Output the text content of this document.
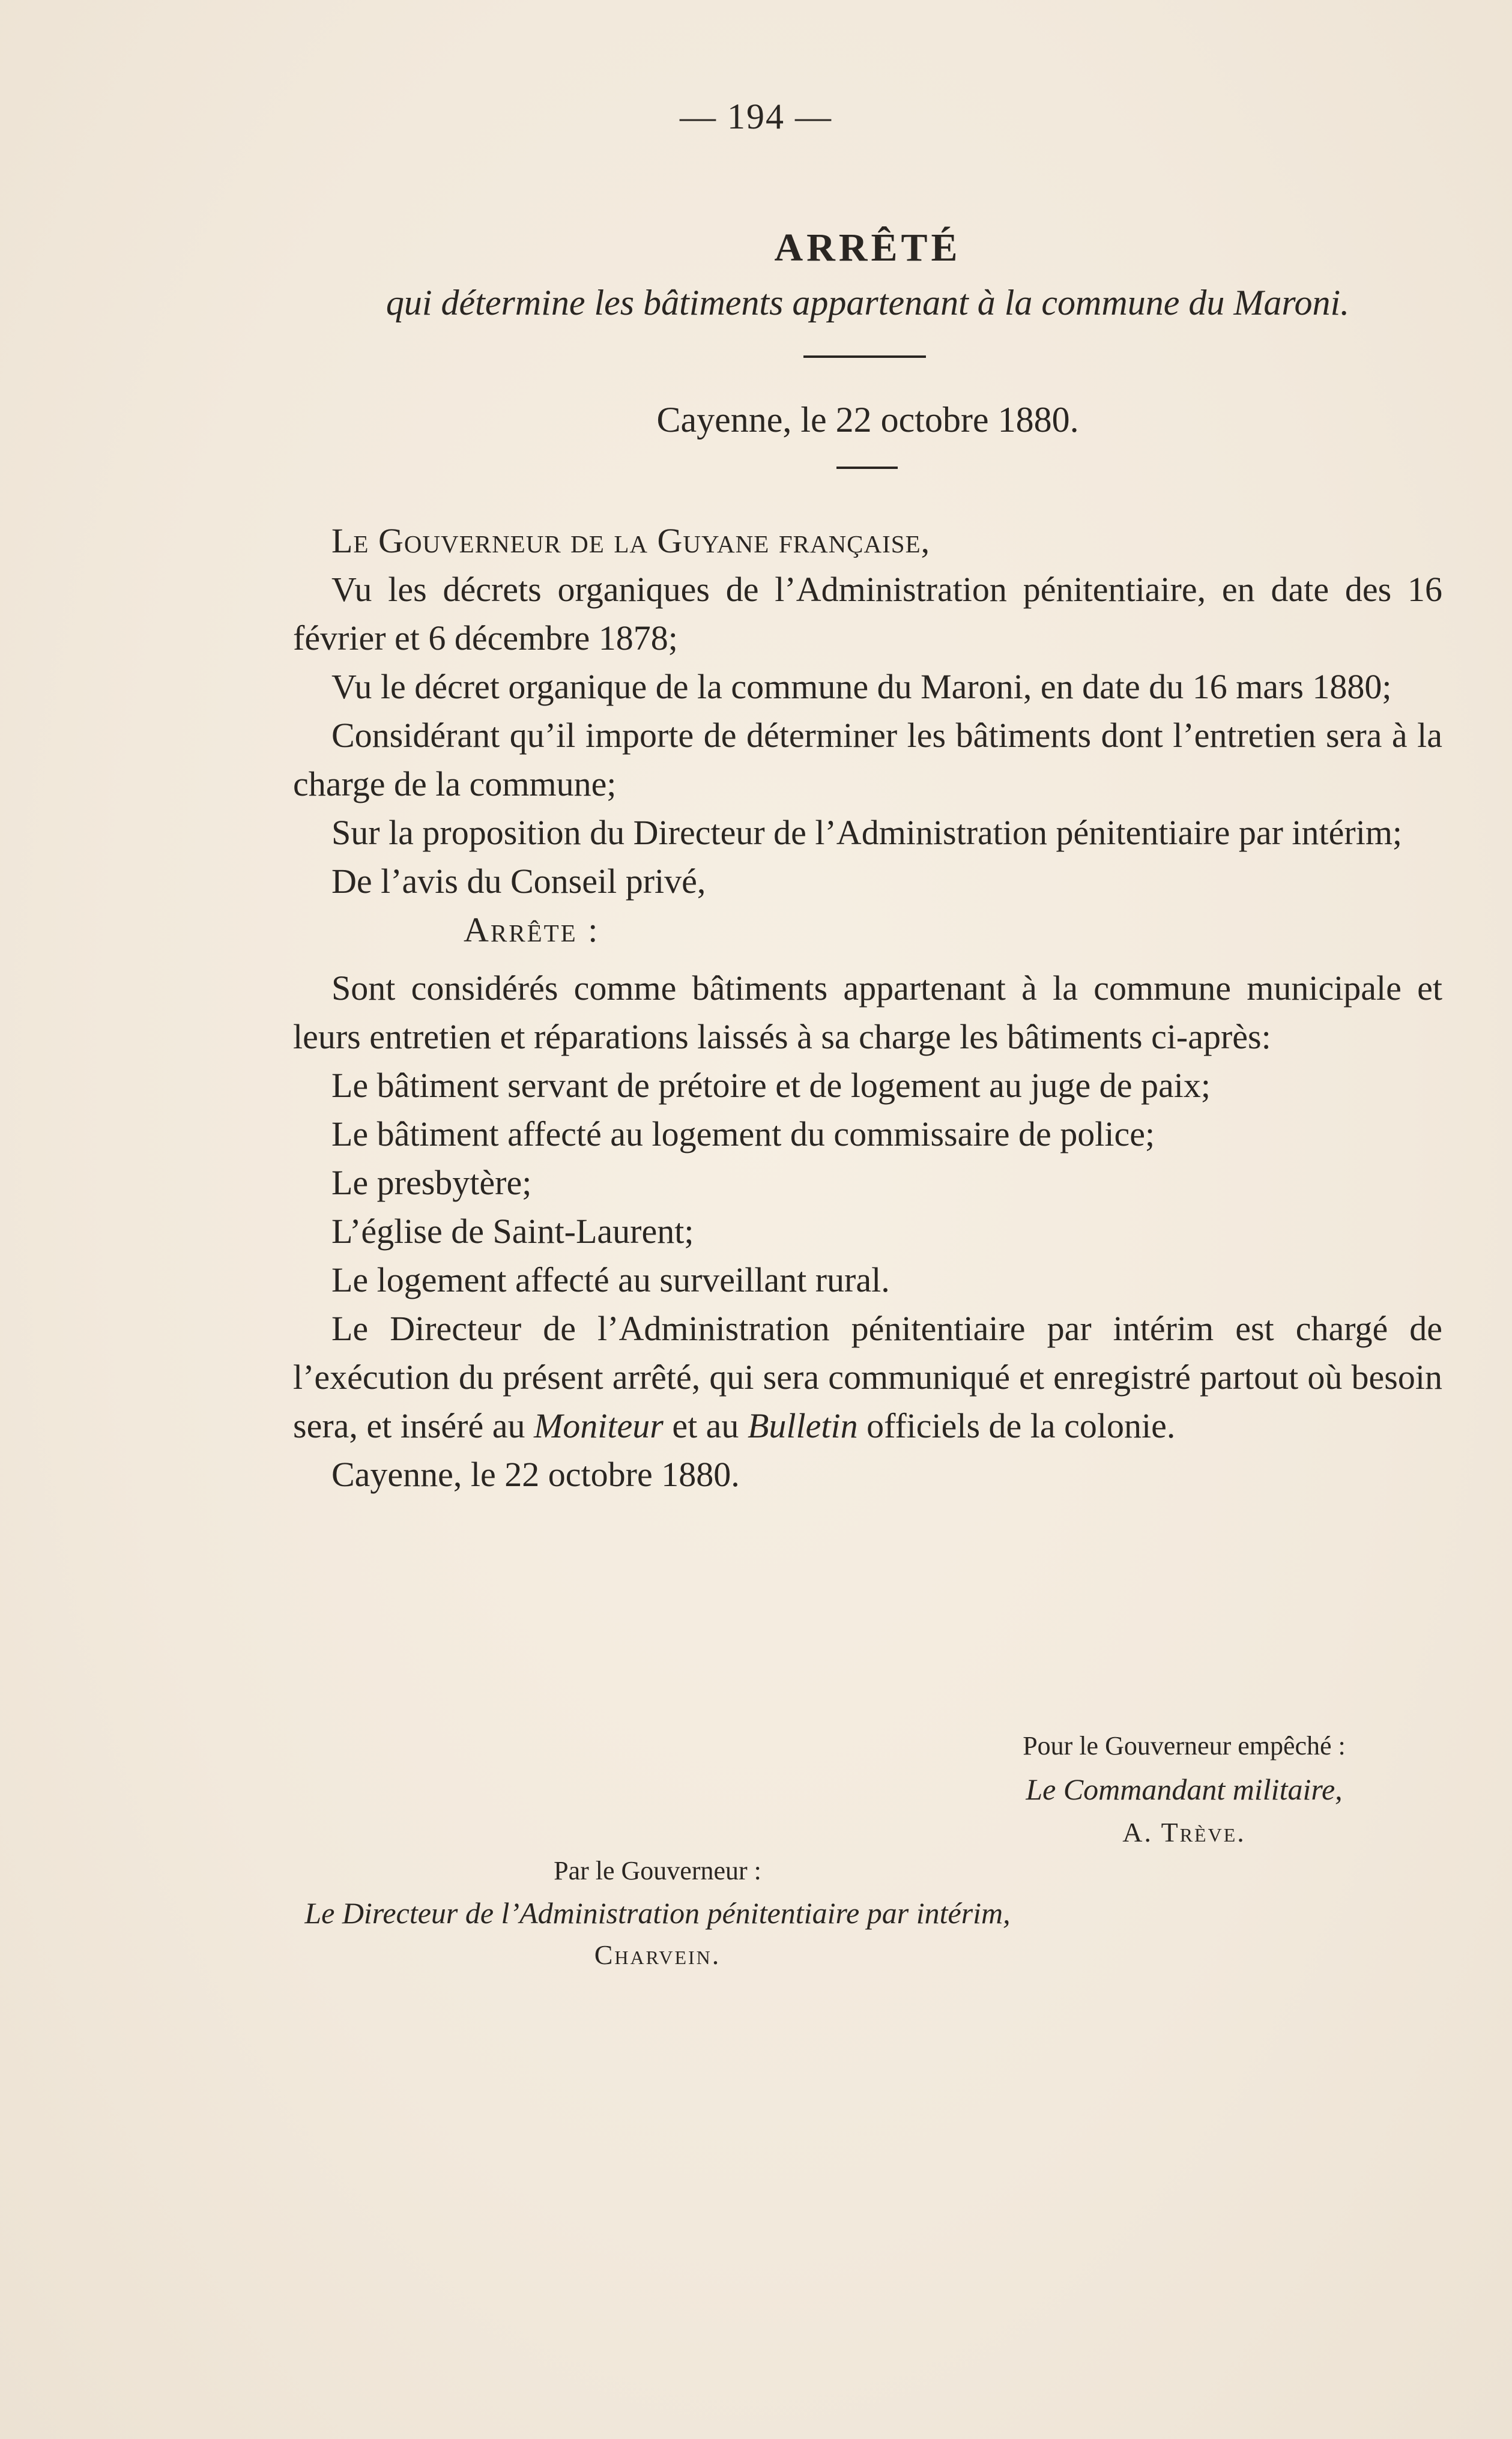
— 194 —
ARRÊTÉ
qui détermine les bâtiments appartenant à la commune du Maroni.
Cayenne, le 22 octobre 1880.

Le Gouverneur de la Guyane française,

Vu les décrets organiques de l’Administration pénitentiaire, en date des 16 février et 6 décembre 1878;

Vu le décret organique de la commune du Maroni, en date du 16 mars 1880;

Considérant qu’il importe de déterminer les bâtiments dont l’entretien sera à la charge de la commune;

Sur la proposition du Directeur de l’Administration pénitentiaire par intérim;

De l’avis du Conseil privé,

Arrête :

Sont considérés comme bâtiments appartenant à la commune municipale et leurs entretien et réparations laissés à sa charge les bâtiments ci-après:

Le bâtiment servant de prétoire et de logement au juge de paix;

Le bâtiment affecté au logement du commissaire de police;

Le presbytère;

L’église de Saint-Laurent;

Le logement affecté au surveillant rural.

Le Directeur de l’Administration pénitentiaire par intérim est chargé de l’exécution du présent arrêté, qui sera communiqué et enregistré partout où besoin sera, et inséré au Moniteur et au Bulletin officiels de la colonie.

Cayenne, le 22 octobre 1880.

Pour le Gouverneur empêché :
Le Commandant militaire,
A. Trève.
Par le Gouverneur :
Le Directeur de l’Administration pénitentiaire par intérim,
Charvein.
